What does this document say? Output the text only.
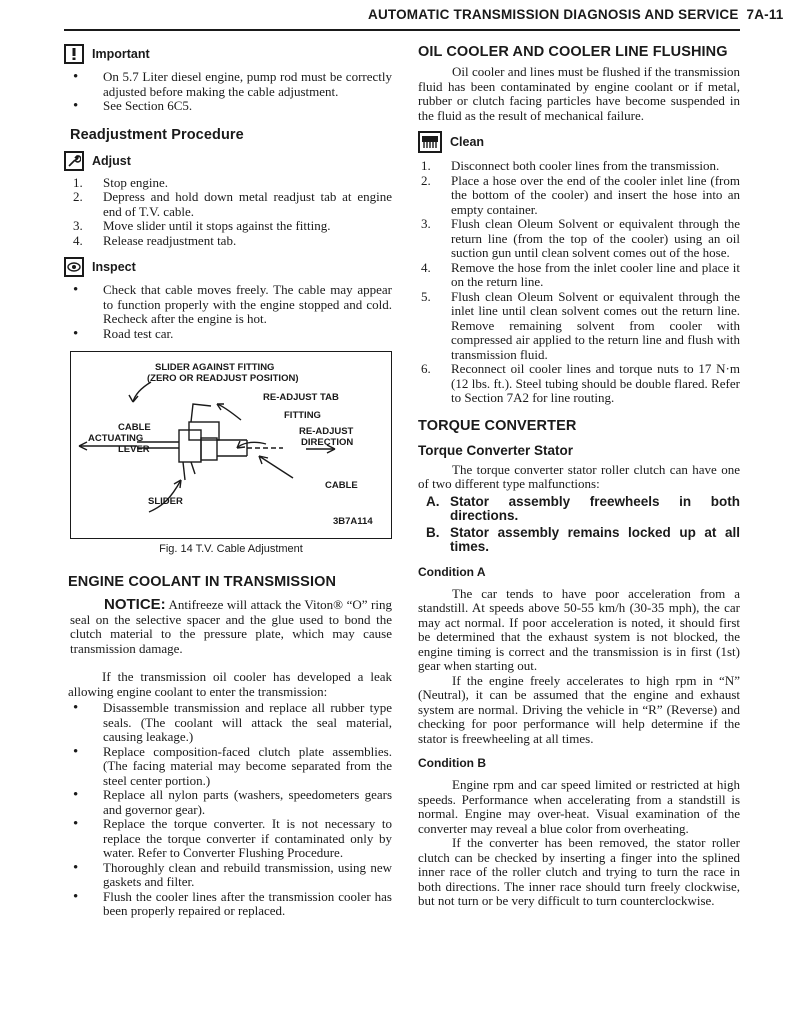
AUTOMATIC TRANSMISSION DIAGNOSIS AND SERVICE 7A-11
Important
• On 5.7 Liter diesel engine, pump rod must be correctly adjusted before making the cable adjustment.
• See Section 6C5.
Readjustment Procedure
Adjust
1. Stop engine.
2. Depress and hold down metal readjust tab at engine end of T.V. cable.
3. Move slider until it stops against the fitting.
4. Release readjustment tab.
Inspect
• Check that cable moves freely. The cable may appear to function properly with the engine stopped and cold. Recheck after the engine is hot.
• Road test car.
SLIDER AGAINST FITTING
(ZERO OR READJUST POSITION)
RE-ADJUST TAB
FITTING
CABLE
ACTUATING
LEVER
RE-ADJUST
DIRECTION
CABLE
SLIDER
3B7A114
Fig. 14 T.V. Cable Adjustment
ENGINE COOLANT IN TRANSMISSION

NOTICE: Antifreeze will attack the Viton® “O” ring seal on the selective spacer and the glue used to bond the clutch material to the pressure plate, which may cause transmission damage.

If the transmission oil cooler has developed a leak allowing engine coolant to enter the transmission:

• Disassemble transmission and replace all rubber type seals. (The coolant will attack the seal material, causing leakage.)
• Replace composition-faced clutch plate assemblies. (The facing material may become separated from the steel center portion.)
• Replace all nylon parts (washers, speedometers gears and governor gear).
• Replace the torque converter. It is not necessary to replace the torque converter if contaminated only by water. Refer to Converter Flushing Procedure.
• Thoroughly clean and rebuild transmission, using new gaskets and filter.
• Flush the cooler lines after the transmission cooler has been properly repaired or replaced.
OIL COOLER AND COOLER LINE FLUSHING

Oil cooler and lines must be flushed if the transmission fluid has been contaminated by engine coolant or if metal, rubber or clutch facing particles have become suspended in the fluid as the result of mechanical failure.

Clean
1. Disconnect both cooler lines from the transmission.
2. Place a hose over the end of the cooler inlet line (from the bottom of the cooler) and insert the hose into an empty container.
3. Flush clean Oleum Solvent or equivalent through the return line (from the top of the cooler) using an oil suction gun until clean solvent comes out of the hose.
4. Remove the hose from the inlet cooler line and place it on the return line.
5. Flush clean Oleum Solvent or equivalent through the inlet line until clean solvent comes out the return line. Remove remaining solvent from cooler with compressed air applied to the return line and flush with transmission fluid.
6. Reconnect oil cooler lines and torque nuts to 17 N·m (12 lbs. ft.). Steel tubing should be double flared. Refer to Section 7A2 for line routing.
TORQUE CONVERTER
Torque Converter Stator

The torque converter stator roller clutch can have one of two different type malfunctions:

A. Stator assembly freewheels in both directions.
B. Stator assembly remains locked up at all times.
Condition A

The car tends to have poor acceleration from a standstill. At speeds above 50-55 km/h (30-35 mph), the car may act normal. If poor acceleration is noted, it should first be determined that the exhaust system is not blocked, the engine timing is correct and the transmission is in first (1st) gear when starting out.

If the engine freely accelerates to high rpm in “N” (Neutral), it can be assumed that the engine and exhaust system are normal. Driving the vehicle in “R” (Reverse) and checking for poor performance will help determine if the stator is freewheeling at all times.

Condition B

Engine rpm and car speed limited or restricted at high speeds. Performance when accelerating from a standstill is normal. Engine may over-heat. Visual examination of the converter may reveal a blue color from overheating.

If the converter has been removed, the stator roller clutch can be checked by inserting a finger into the splined inner race of the roller clutch and trying to turn the race in both directions. The inner race should turn freely clockwise, but not turn or be very difficult to turn counterclockwise.
